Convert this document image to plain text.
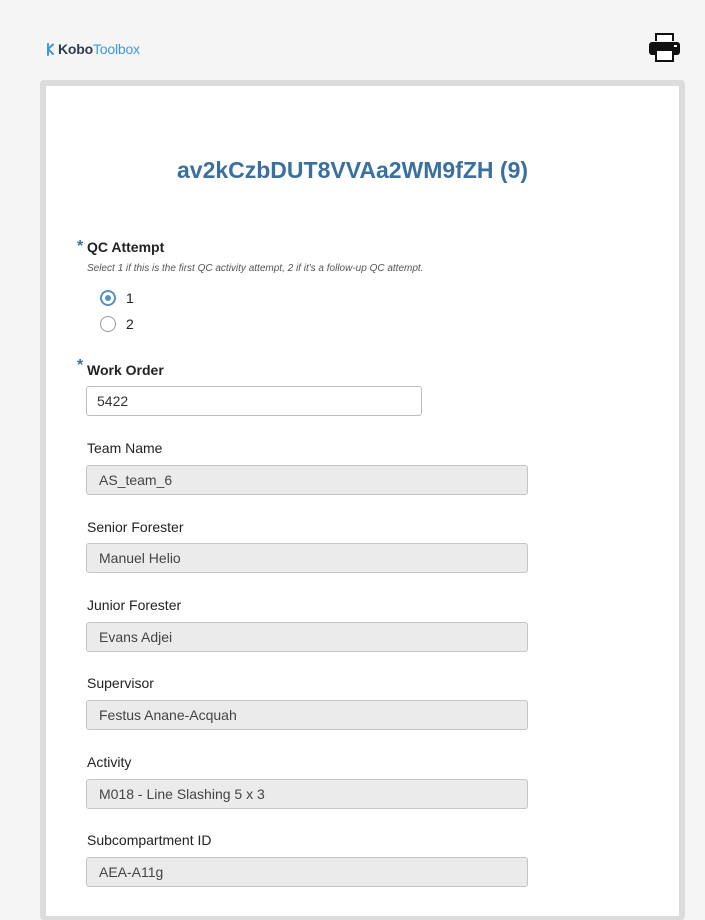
Kobo Toolbox
av2kCzbDUT8VVAa2WM9fZH (9)
* QC Attempt
Select 1 if this is the first QC activity attempt, 2 if it's a follow-up QC attempt.
1
2
* Work Order
5422
Team Name
AS_team_6
Senior Forester
Manuel Helio
Junior Forester
Evans Adjei
Supervisor
Festus Anane-Acquah
Activity
M018 - Line Slashing 5 x 3
Subcompartment ID
AEA-A11g
